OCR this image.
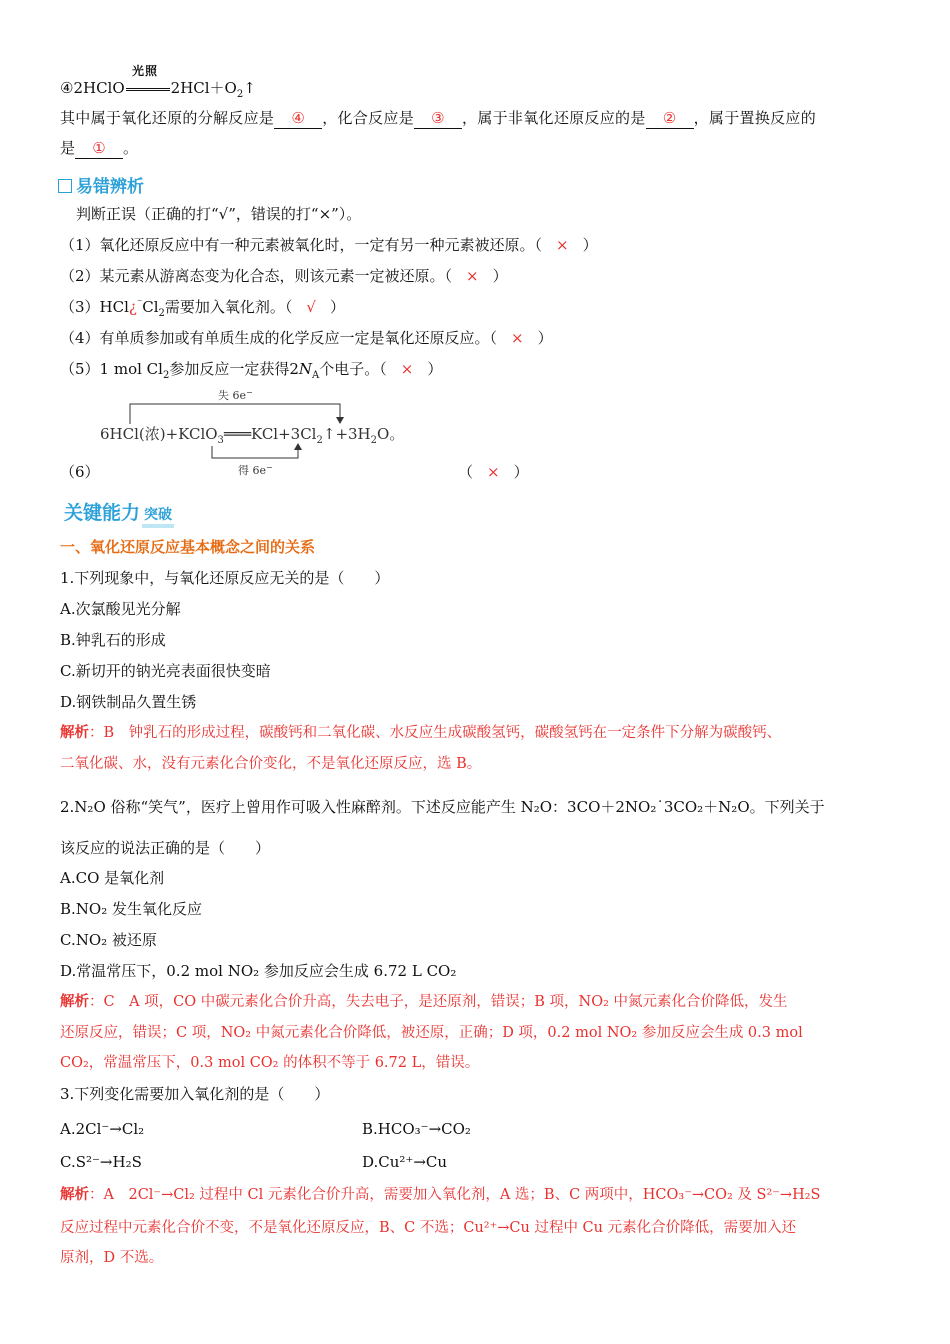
光照
④2HClO	$2HCl+O_2↑$
其中属于氧化还原的分解反应是 ④ ，化合反应是 ③ ，属于非氧化还原反应的是 ② ，属于置换反应的
是 ① 。
易错辨析
判断正误（正确的打“√”，错误的打“×”）。
（1）氧化还原反应中有一种元素被氧化时，一定有另一种元素被还原。（ × ）
（2）某元素从游离态变为化合态，则该元素一定被还原。（ × ）
$(3)HCl¿^{^-}Cl_2$需要加入氧化剂。（ √ ）
（4）有单质参加或有单质生成的化学反应一定是氧化还原反应。（ × ）
（5）1 mol $Cl_2$参加反应一定获得$2N_A$个电子。（ × ）
失 6e−
6HCl(浓)$+KClO_3═══KCl+3Cl_2↑+3H_2O$。
得 6e−
（6）	（ × ）
关键能力 突破
一、氧化还原反应基本概念之间的关系
1.下列现象中，与氧化还原反应无关的是（　　）
A.次氯酸见光分解
B.钟乳石的形成
C.新切开的钠光亮表面很快变暗
D.钢铁制品久置生锈
解析：B　钟乳石的形成过程，碳酸钙和二氧化碳、水反应生成碳酸氢钙，碳酸氢钙在一定条件下分解为碳酸钙、
二氧化碳、水，没有元素化合价变化，不是氧化还原反应，选 B。
2.N₂O 俗称“笑气”，医疗上曾用作可吸入性麻醉剂。下述反应能产生 N₂O：3CO＋2NO₂˙3CO₂＋N₂O。下列关于
该反应的说法正确的是（　　）
A.CO 是氧化剂
B.NO₂ 发生氧化反应
C.NO₂ 被还原
D.常温常压下，0.2 mol NO₂ 参加反应会生成 6.72 L CO₂
解析：C　A 项，CO 中碳元素化合价升高，失去电子，是还原剂，错误；B 项，NO₂ 中氮元素化合价降低，发生
还原反应，错误；C 项，NO₂ 中氮元素化合价降低，被还原，正确；D 项，0.2 mol NO₂ 参加反应会生成 0.3 mol
CO₂，常温常压下，0.3 mol CO₂ 的体积不等于 6.72 L，错误。
3.下列变化需要加入氧化剂的是（　　）
A.2Cl⁻→Cl₂	B.HCO₃⁻→CO₂
C.S²⁻→H₂S	D.Cu²⁺→Cu
解析：A　2Cl⁻→Cl₂ 过程中 Cl 元素化合价升高，需要加入氧化剂，A 选；B、C 两项中，HCO₃⁻→CO₂ 及 S²⁻→H₂S
反应过程中元素化合价不变，不是氧化还原反应，B、C 不选；Cu²⁺→Cu 过程中 Cu 元素化合价降低，需要加入还
原剂，D 不选。
